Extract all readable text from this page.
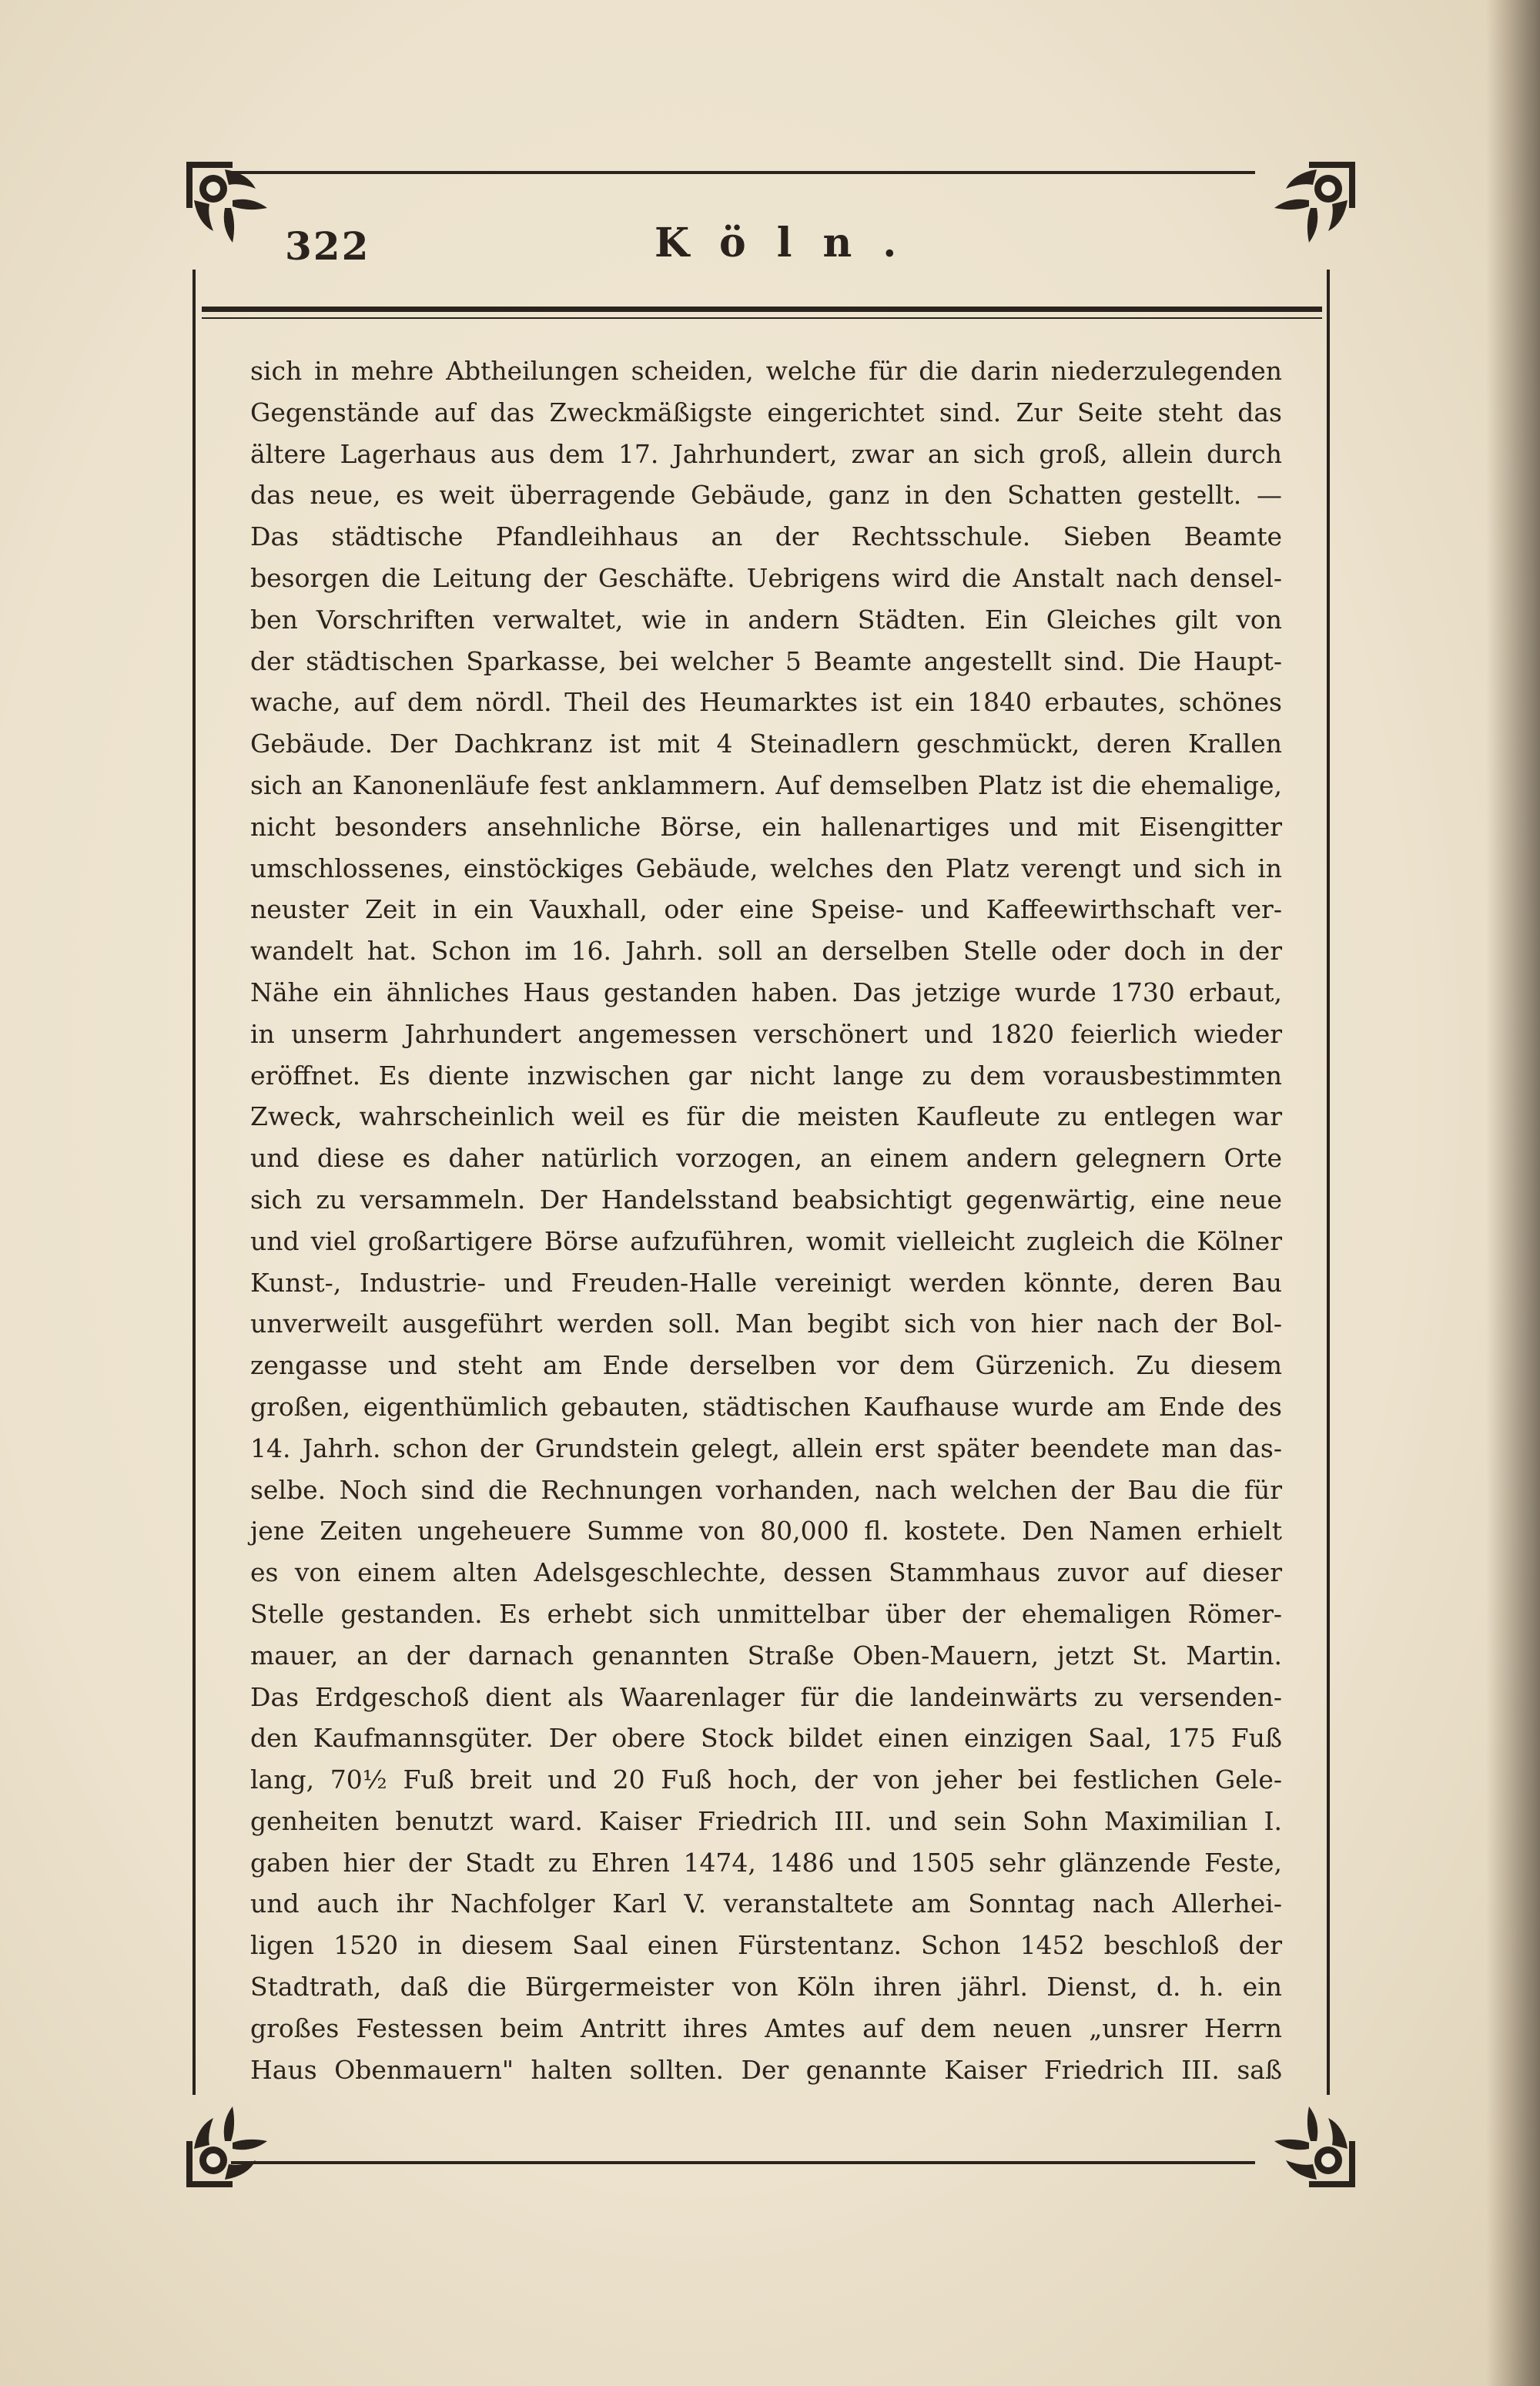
322	Köln.
sich in mehre Abtheilungen scheiden, welche für die darin niederzulegenden
Gegenstände auf das Zweckmäßigste eingerichtet sind. Zur Seite steht das
ältere Lagerhaus aus dem 17. Jahrhundert, zwar an sich groß, allein durch
das neue, es weit überragende Gebäude, ganz in den Schatten gestellt. —
Das städtische Pfandleihhaus an der Rechtsschule. Sieben Beamte
besorgen die Leitung der Geschäfte. Uebrigens wird die Anstalt nach densel-
ben Vorschriften verwaltet, wie in andern Städten. Ein Gleiches gilt von
der städtischen Sparkasse, bei welcher 5 Beamte angestellt sind. Die Haupt-
wache, auf dem nördl. Theil des Heumarktes ist ein 1840 erbautes, schönes
Gebäude. Der Dachkranz ist mit 4 Steinadlern geschmückt, deren Krallen
sich an Kanonenläufe fest anklammern. Auf demselben Platz ist die ehemalige,
nicht besonders ansehnliche Börse, ein hallenartiges und mit Eisengitter
umschlossenes, einstöckiges Gebäude, welches den Platz verengt und sich in
neuster Zeit in ein Vauxhall, oder eine Speise- und Kaffeewirthschaft ver-
wandelt hat. Schon im 16. Jahrh. soll an derselben Stelle oder doch in der
Nähe ein ähnliches Haus gestanden haben. Das jetzige wurde 1730 erbaut,
in unserm Jahrhundert angemessen verschönert und 1820 feierlich wieder
eröffnet. Es diente inzwischen gar nicht lange zu dem vorausbestimmten
Zweck, wahrscheinlich weil es für die meisten Kaufleute zu entlegen war
und diese es daher natürlich vorzogen, an einem andern gelegnern Orte
sich zu versammeln. Der Handelsstand beabsichtigt gegenwärtig, eine neue
und viel großartigere Börse aufzuführen, womit vielleicht zugleich die Kölner
Kunst-, Industrie- und Freuden-Halle vereinigt werden könnte, deren Bau
unverweilt ausgeführt werden soll. Man begibt sich von hier nach der Bol-
zengasse und steht am Ende derselben vor dem Gürzenich. Zu diesem
großen, eigenthümlich gebauten, städtischen Kaufhause wurde am Ende des
14. Jahrh. schon der Grundstein gelegt, allein erst später beendete man das-
selbe. Noch sind die Rechnungen vorhanden, nach welchen der Bau die für
jene Zeiten ungeheuere Summe von 80,000 fl. kostete. Den Namen erhielt
es von einem alten Adelsgeschlechte, dessen Stammhaus zuvor auf dieser
Stelle gestanden. Es erhebt sich unmittelbar über der ehemaligen Römer-
mauer, an der darnach genannten Straße Oben-Mauern, jetzt St. Martin.
Das Erdgeschoß dient als Waarenlager für die landeinwärts zu versenden-
den Kaufmannsgüter. Der obere Stock bildet einen einzigen Saal, 175 Fuß
lang, 70½ Fuß breit und 20 Fuß hoch, der von jeher bei festlichen Gele-
genheiten benutzt ward. Kaiser Friedrich III. und sein Sohn Maximilian I.
gaben hier der Stadt zu Ehren 1474, 1486 und 1505 sehr glänzende Feste,
und auch ihr Nachfolger Karl V. veranstaltete am Sonntag nach Allerhei-
ligen 1520 in diesem Saal einen Fürstentanz. Schon 1452 beschloß der
Stadtrath, daß die Bürgermeister von Köln ihren jährl. Dienst, d. h. ein
großes Festessen beim Antritt ihres Amtes auf dem neuen „unsrer Herrn
Haus Obenmauern" halten sollten. Der genannte Kaiser Friedrich III. saß
